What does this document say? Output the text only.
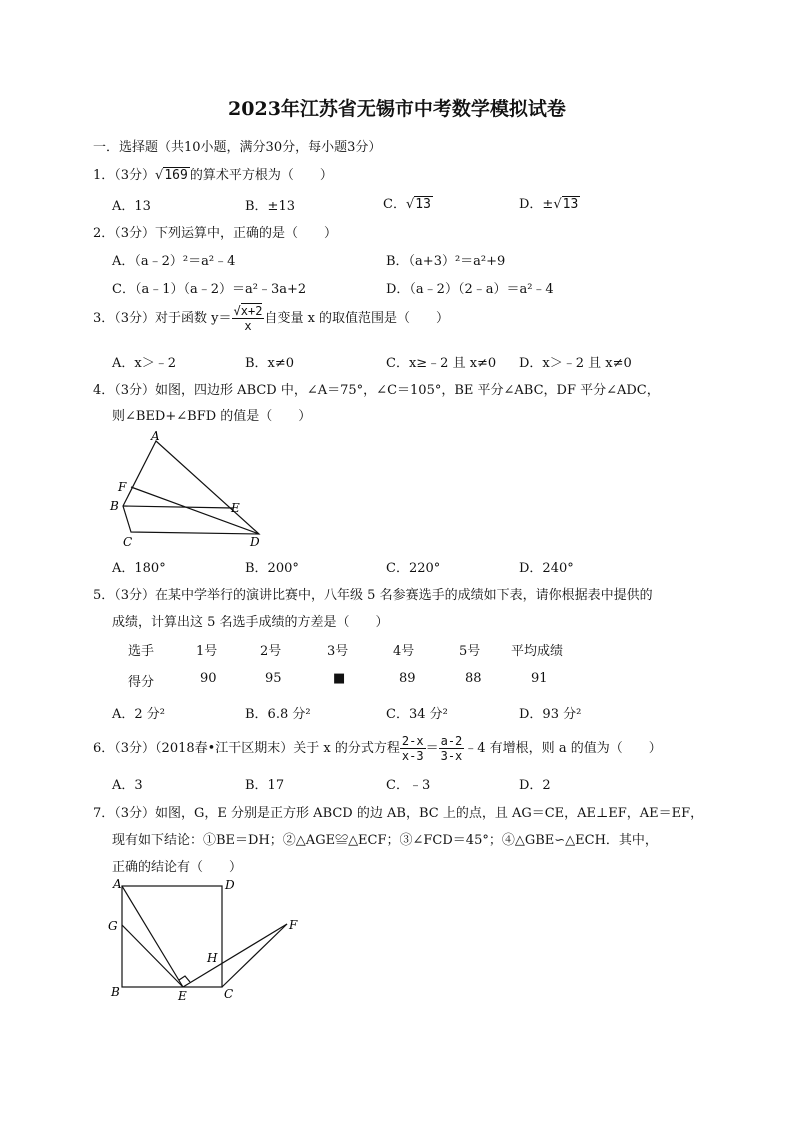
2023年江苏省无锡市中考数学模拟试卷
一．选择题（共10小题，满分30分，每小题3分）
1．（3分）√169 的算术平方根为（　　）
A．13	B．±13	C．√13	D．±√13
2．（3分）下列运算中，正确的是（　　）
A．（a﹣2）²＝a²﹣4	B．（a+3）²＝a²+9
C．（a﹣1）（a﹣2）＝a²﹣3a+2	D．（a﹣2）（2﹣a）＝a²﹣4
3．（3分）对于函数 $y= \frac{√x+2}{x}$ 自变量 x 的取值范围是（　　）
A．x＞﹣2	B．x≠0	C．x≥﹣2 且 x≠0 D．x＞﹣2 且 x≠0
4．（3分）如图，四边形 ABCD 中，∠A＝75°，∠C＝105°，BE 平分∠ABC，DF 平分∠ADC，
则∠BED+∠BFD 的值是（　　）
A
F
B	E
C	D
A．180°	B．200°	C．220°	D．240°
5．（3分）在某中学举行的演讲比赛中，八年级 5 名参赛选手的成绩如下表，请你根据表中提供的
成绩，计算出这 5 名选手成绩的方差是（　　）
选手	1号	2号	3号	4号	5号 平均成绩
得分	90	95	■	89	88	91
A．2 分²	B．6.8 分²	C．34 分²	D．93 分²
6．（3分）（2018春•江干区期末）关于 x 的分式方程 $\frac{2-x}{x-3} = \frac{a-2}{3-x}$ ﹣4 有增根，则 a 的值为（　　）
A．3	B．17	C．﹣3	D．2
7．（3分）如图，G，E 分别是正方形 ABCD 的边 AB，BC 上的点，且 AG＝CE，AE⊥EF，AE＝EF，
现有如下结论：①BE＝DH；②△AGE≌△ECF；③∠FCD＝45°；④△GBE∽△ECH．其中，
正确的结论有（　　）
A	D
G	F
H
B	E	C
